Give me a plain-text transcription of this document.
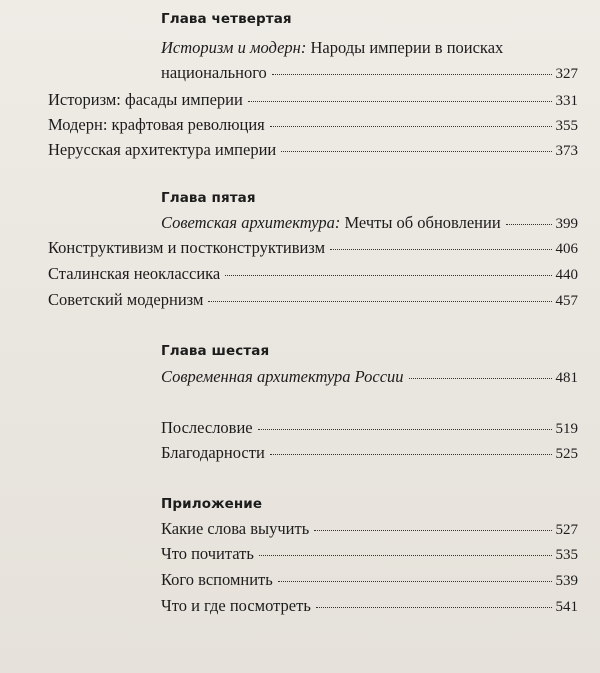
Глава четвертая
Историзм и модерн: Народы империи в поисках
национального	327
Историзм: фасады империи	331
Модерн: крафтовая революция	355
Нерусская архитектура империи	373
Глава пятая
Советская архитектура: Мечты об обновлении	399
Конструктивизм и постконструктивизм	406
Сталинская неоклассика	440
Советский модернизм	457
Глава шестая
Современная архитектура России	481
Послесловие	519
Благодарности	525
Приложение
Какие слова выучить	527
Что почитать	535
Кого вспомнить	539
Что и где посмотреть	541
